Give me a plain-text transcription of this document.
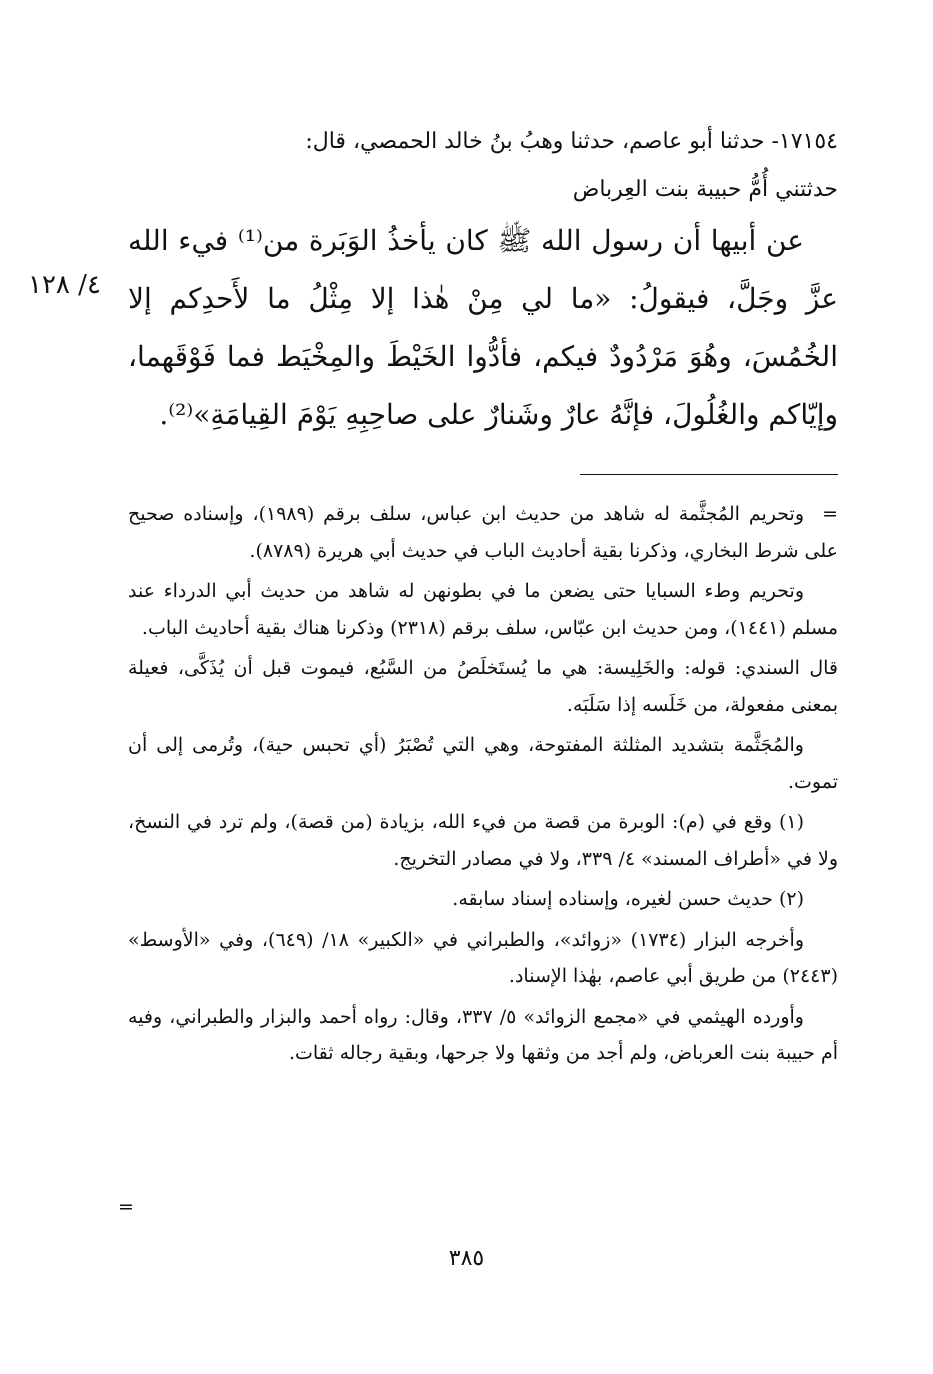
١٧١٥٤- حدثنا أبو عاصم، حدثنا وهبُ بنُ خالد الحمصي، قال:

حدثتني أُمُّ حبيبة بنت العِرباض

عن أبيها أن رسول الله ﷺ كان يأخذُ الوَبَرة من⁽¹⁾ فيء الله عزَّ وجَلَّ، فيقولُ: «ما لي مِنْ هٰذا إلا مِثْلُ ما لأَحدِكم إلا الخُمُسَ، وهُوَ مَرْدُودٌ فيكم، فأدُّوا الخَيْطَ والمِخْيَط فما فَوْقَهما، وإيّاكم والغُلُولَ، فإنَّهُ عارٌ وشَنارٌ على صاحِبِهِ يَوْمَ القِيامَةِ»⁽²⁾.

٤/ ١٢٨

=وتحريم المُجثَّمة له شاهد من حديث ابن عباس، سلف برقم (١٩٨٩)، وإسناده صحيح على شرط البخاري، وذكرنا بقية أحاديث الباب في حديث أبي هريرة (٨٧٨٩).

وتحريم وطء السبايا حتى يضعن ما في بطونهن له شاهد من حديث أبي الدرداء عند مسلم (١٤٤١)، ومن حديث ابن عبّاس، سلف برقم (٢٣١٨) وذكرنا هناك بقية أحاديث الباب.

قال السندي: قوله: والخَلِيسة: هي ما يُستَخلَصُ من السَّبُع، فيموت قبل أن يُذَكَّى، فعيلة بمعنى مفعولة، من خَلَسه إذا سَلَبَه.

والمُجَثَّمة بتشديد المثلثة المفتوحة، وهي التي تُصْبَرُ (أي تحبس حية)، وتُرمى إلى أن تموت.

(١) وقع في (م): الوبرة من قصة من فيء الله، بزيادة (من قصة)، ولم ترد في النسخ، ولا في «أطراف المسند» ٤/ ٣٣٩، ولا في مصادر التخريج.

(٢) حديث حسن لغيره، وإسناده إسناد سابقه.

وأخرجه البزار (١٧٣٤) «زوائد»، والطبراني في «الكبير» ١٨/ (٦٤٩)، وفي «الأوسط» (٢٤٤٣) من طريق أبي عاصم، بهٰذا الإسناد.

وأورده الهيثمي في «مجمع الزوائد» ٥/ ٣٣٧، وقال: رواه أحمد والبزار والطبراني، وفيه أم حبيبة بنت العرباض، ولم أجد من وثقها ولا جرحها، وبقية رجاله ثقات.

=
٣٨٥
